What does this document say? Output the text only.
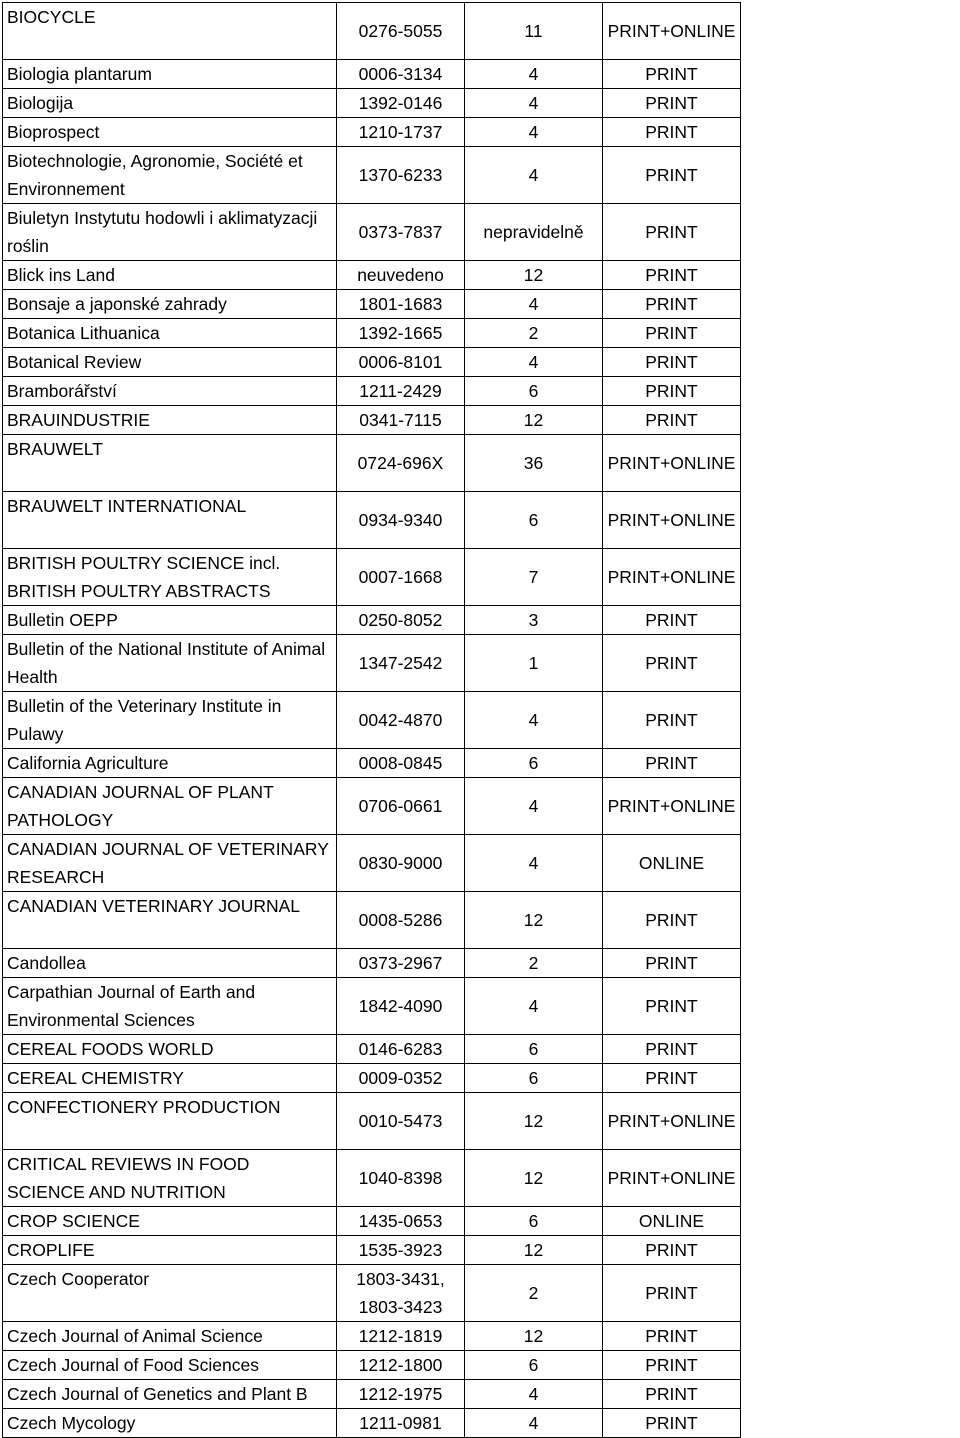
BIOCYCLE	0276-5055	11	PRINT+ONLINE
Biologia plantarum	0006-3134	4	PRINT
Biologija	1392-0146	4	PRINT
Bioprospect	1210-1737	4	PRINT
Biotechnologie, Agronomie, Société et Environnement	1370-6233	4	PRINT
Biuletyn Instytutu hodowli i aklimatyzacji roślin	0373-7837	nepravidelně	PRINT
Blick ins Land	neuvedeno	12	PRINT
Bonsaje a japonské zahrady	1801-1683	4	PRINT
Botanica Lithuanica	1392-1665	2	PRINT
Botanical Review	0006-8101	4	PRINT
Bramborářství	1211-2429	6	PRINT
BRAUINDUSTRIE	0341-7115	12	PRINT
BRAUWELT	0724-696X	36	PRINT+ONLINE
BRAUWELT INTERNATIONAL	0934-9340	6	PRINT+ONLINE
BRITISH POULTRY SCIENCE incl. BRITISH POULTRY ABSTRACTS	0007-1668	7	PRINT+ONLINE
Bulletin OEPP	0250-8052	3	PRINT
Bulletin of the National Institute of Animal Health	1347-2542	1	PRINT
Bulletin of the Veterinary Institute in Pulawy	0042-4870	4	PRINT
California Agriculture	0008-0845	6	PRINT
CANADIAN JOURNAL OF PLANT PATHOLOGY	0706-0661	4	PRINT+ONLINE
CANADIAN JOURNAL OF VETERINARY RESEARCH	0830-9000	4	ONLINE
CANADIAN VETERINARY JOURNAL	0008-5286	12	PRINT
Candollea	0373-2967	2	PRINT
Carpathian Journal of Earth and Environmental Sciences	1842-4090	4	PRINT
CEREAL FOODS WORLD	0146-6283	6	PRINT
CEREAL CHEMISTRY	0009-0352	6	PRINT
CONFECTIONERY PRODUCTION	0010-5473	12	PRINT+ONLINE
CRITICAL REVIEWS IN FOOD SCIENCE AND NUTRITION	1040-8398	12	PRINT+ONLINE
CROP SCIENCE	1435-0653	6	ONLINE
CROPLIFE	1535-3923	12	PRINT
Czech Cooperator	1803-3431, 1803-3423	2	PRINT
Czech Journal of Animal Science	1212-1819	12	PRINT
Czech Journal of Food Sciences	1212-1800	6	PRINT
Czech Journal of Genetics and Plant B	1212-1975	4	PRINT
Czech Mycology	1211-0981	4	PRINT
